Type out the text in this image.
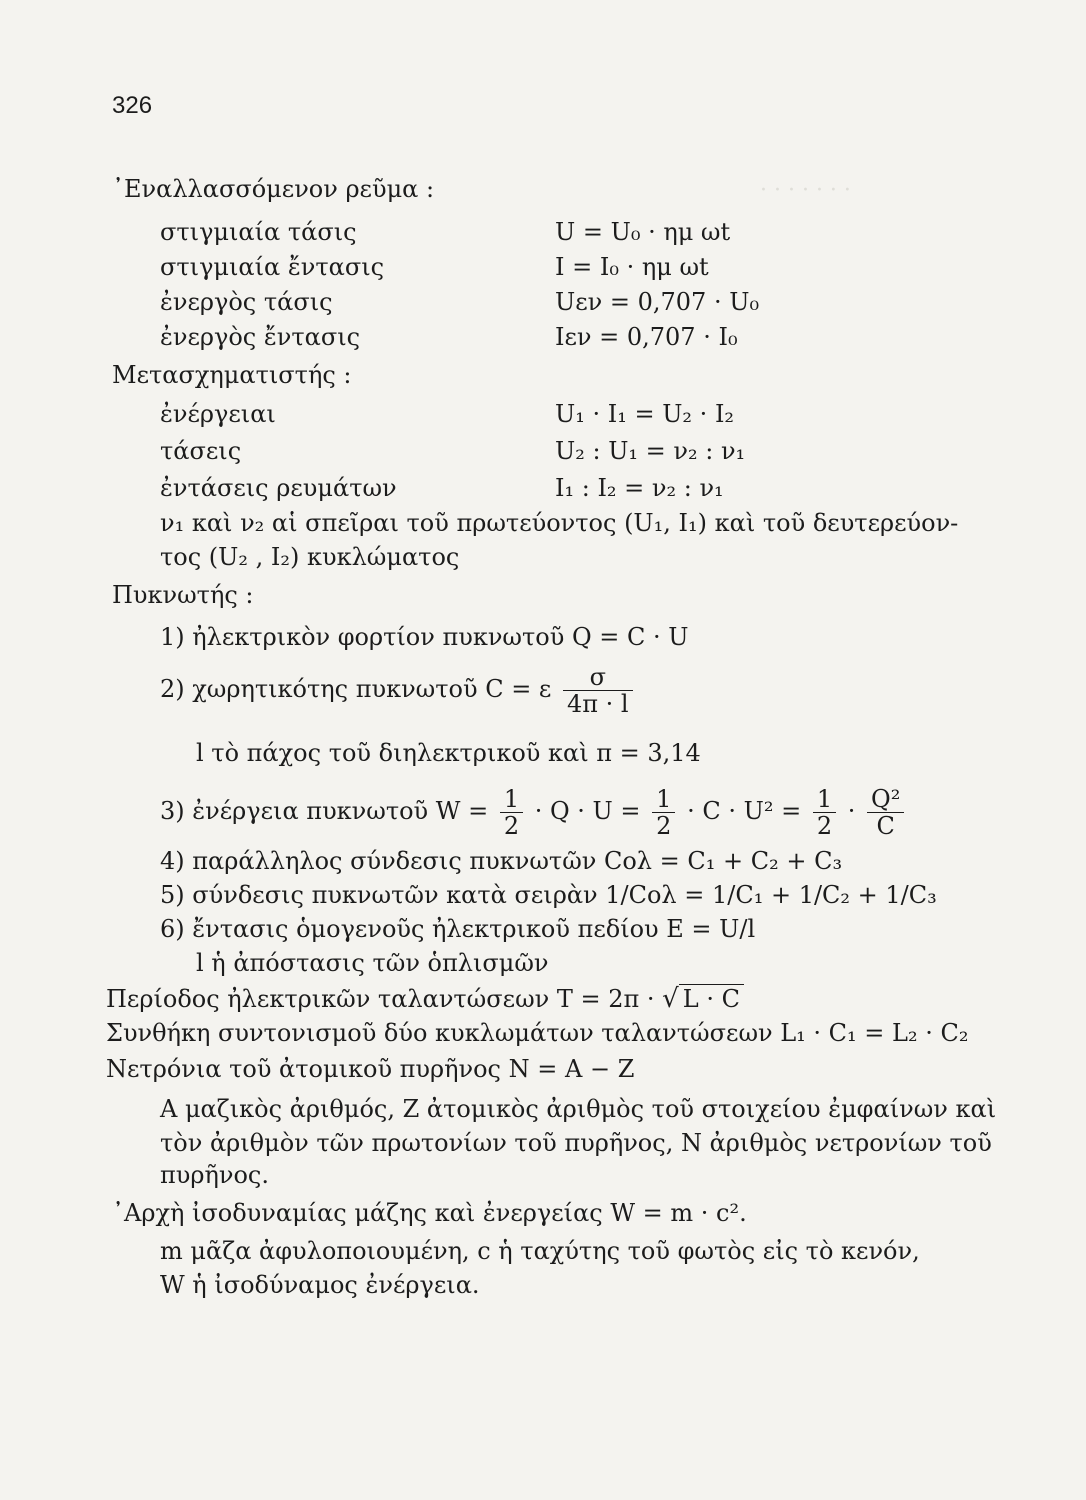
· · · · · · ·
326
᾿Εναλλασσόμενον ρεῦμα :
στιγμιαία τάσις	U = U₀ · ημ ωt
στιγμιαία ἔντασις	I = I₀ · ημ ωt
ἐνεργὸς τάσις	Uεν = 0,707 · U₀
ἐνεργὸς ἔντασις	Iεν = 0,707 · I₀
Μετασχηματιστής :
ἐνέργειαι	U₁ · I₁ = U₂ · I₂
τάσεις	U₂ : U₁ = ν₂ : ν₁
ἐντάσεις ρευμάτων	I₁ : I₂ = ν₂ : ν₁
ν₁ καὶ ν₂ αἱ σπεῖραι τοῦ πρωτεύοντος (U₁, I₁) καὶ τοῦ δευτερεύον-
τος (U₂ , I₂) κυκλώματος
Πυκνωτής :
1) ἠλεκτρικὸν φορτίον πυκνωτοῦ Q = C · U
2) χωρητικότης πυκνωτοῦ C = ε $\frac{\sigma}{4\pi \cdot l}$
l τὸ πάχος τοῦ διηλεκτρικοῦ καὶ π = 3,14
3) ἐνέργεια πυκνωτοῦ $W = \frac{1}{2} \cdot Q \cdot U = \frac{1}{2} \cdot C \cdot U^2 = \frac{1}{2} \cdot \frac{\text{Q²}}{C}$
4) παράλληλος σύνδεσις πυκνωτῶν Cολ = C₁ + C₂ + C₃
5) σύνδεσις πυκνωτῶν κατὰ σειρὰν 1/Cολ = 1/C₁ + 1/C₂ + 1/C₃
6) ἔντασις ὁμογενοῦς ἠλεκτρικοῦ πεδίου E = U/l
l ἡ ἀπόστασις τῶν ὁπλισμῶν
Περίοδος ἠλεκτρικῶν ταλαντώσεων T = 2π · √ L · C
Συνθήκη συντονισμοῦ δύο κυκλωμάτων ταλαντώσεων L₁ · C₁ = L₂ · C₂
Νετρόνια τοῦ ἀτομικοῦ πυρῆνος N = A − Z
A μαζικὸς ἀριθμός, Z ἀτομικὸς ἀριθμὸς τοῦ στοιχείου ἐμφαίνων καὶ
τὸν ἀριθμὸν τῶν πρωτονίων τοῦ πυρῆνος, N ἀριθμὸς νετρονίων τοῦ
πυρῆνος.
᾿Αρχὴ ἰσοδυναμίας μάζης καὶ ἐνεργείας W = m · c².
m μᾶζα ἀφυλοποιουμένη, c ἡ ταχύτης τοῦ φωτὸς εἰς τὸ κενόν,
W ἡ ἰσοδύναμος ἐνέργεια.
